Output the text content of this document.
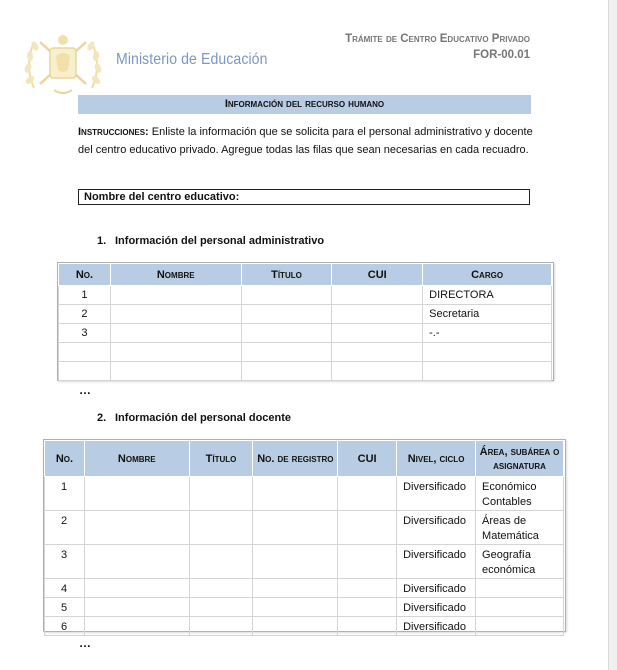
Ministerio de Educación
Trámite de Centro Educativo Privado
FOR-00.01
Información del recurso humano
Instrucciones: Enliste la información que se solicita para el personal administrativo y docente del centro educativo privado. Agregue todas las filas que sean necesarias en cada recuadro.
Nombre del centro educativo:
1. Información del personal administrativo
No.	Nombre	Título	CUI	Cargo
1				DIRECTORA
2				Secretaria
3				-.-

…
2. Información del personal docente
No.	Nombre	Título	No. de registro	CUI	Nivel, ciclo	Área, subárea o asignatura
1					Diversificado	Económico Contables
2					Diversificado	Áreas de Matemática
3					Diversificado	Geografía económica
4					Diversificado	
5					Diversificado	
6					Diversificado	
…
